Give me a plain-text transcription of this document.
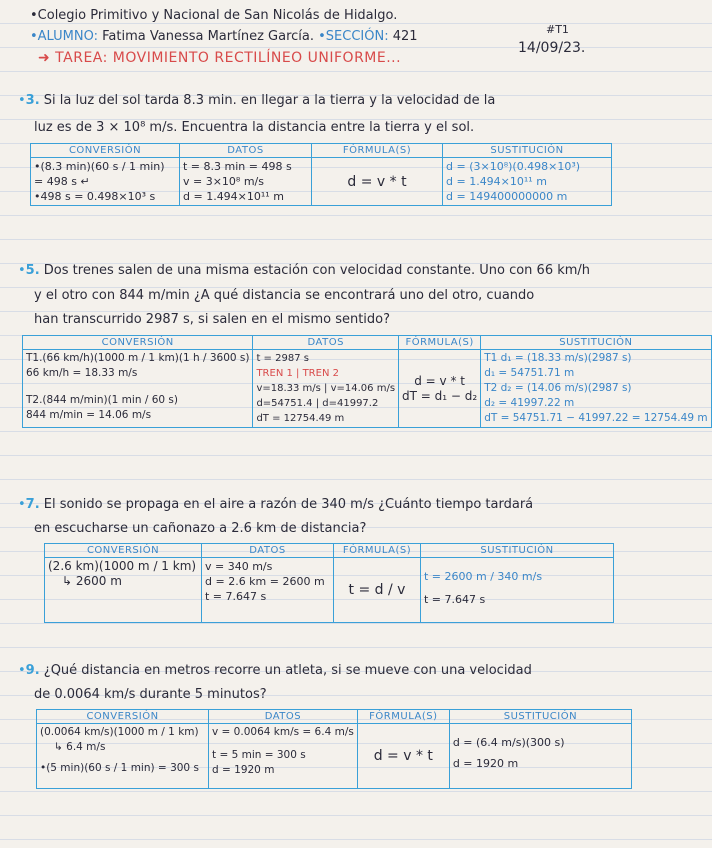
•Colegio Primitivo y Nacional de San Nicolás de Hidalgo.
•ALUMNO: Fatima Vanessa Martínez García. •SECCIÓN: 421	#T1
14/09/23.
➜ TAREA: MOVIMIENTO RECTILÍNEO UNIFORME...
•3. Si la luz del sol tarda 8.3 min. en llegar a la tierra y la velocidad de la
luz es de 3 × 10⁸ m/s. Encuentra la distancia entre la tierra y el sol.
CONVERSIÓN	DATOS	FÓRMULA(S)	SUSTITUCIÓN

•(8.3 min)(60 s / 1 min)
= 498 s ↵
•498 s = 0.498×10³ s	t = 8.3 min = 498 s
v = 3×10⁸ m/s
d = 1.494×10¹¹ m	d = v * t	d = (3×10⁸)(0.498×10³)
d = 1.494×10¹¹ m
d = 149400000000 m
•5. Dos trenes salen de una misma estación con velocidad constante. Uno con 66 km/h
y el otro con 844 m/min ¿A qué distancia se encontrará uno del otro, cuando
han transcurrido 2987 s, si salen en el mismo sentido?
CONVERSIÓN	DATOS	FÓRMULA(S)	SUSTITUCIÓN

T1.(66 km/h)(1000 m / 1 km)(1 h / 3600 s)
66 km/h = 18.33 m/s
T2.(844 m/min)(1 min / 60 s)
844 m/min = 14.06 m/s	t = 2987 s
TREN 1 | TREN 2
v=18.33 m/s | v=14.06 m/s
d=54751.4 | d=41997.2
dT = 12754.49 m	d = v * t
dT = d₁ − d₂	T1 d₁ = (18.33 m/s)(2987 s)
d₁ = 54751.71 m
T2 d₂ = (14.06 m/s)(2987 s)
d₂ = 41997.22 m
dT = 54751.71 − 41997.22 = 12754.49 m
•7. El sonido se propaga en el aire a razón de 340 m/s ¿Cuánto tiempo tardará
en escucharse un cañonazo a 2.6 km de distancia?
CONVERSIÓN	DATOS	FÓRMULA(S)	SUSTITUCIÓN

(2.6 km)(1000 m / 1 km)
↳ 2600 m	v = 340 m/s
d = 2.6 km = 2600 m
t = 7.647 s	t = d / v	t = 2600 m / 340 m/s
t = 7.647 s
•9. ¿Qué distancia en metros recorre un atleta, si se mueve con una velocidad
de 0.0064 km/s durante 5 minutos?
CONVERSIÓN	DATOS	FÓRMULA(S)	SUSTITUCIÓN

(0.0064 km/s)(1000 m / 1 km)
↳ 6.4 m/s
•(5 min)(60 s / 1 min) = 300 s	v = 0.0064 km/s = 6.4 m/s
t = 5 min = 300 s
d = 1920 m	d = v * t	d = (6.4 m/s)(300 s)
d = 1920 m
